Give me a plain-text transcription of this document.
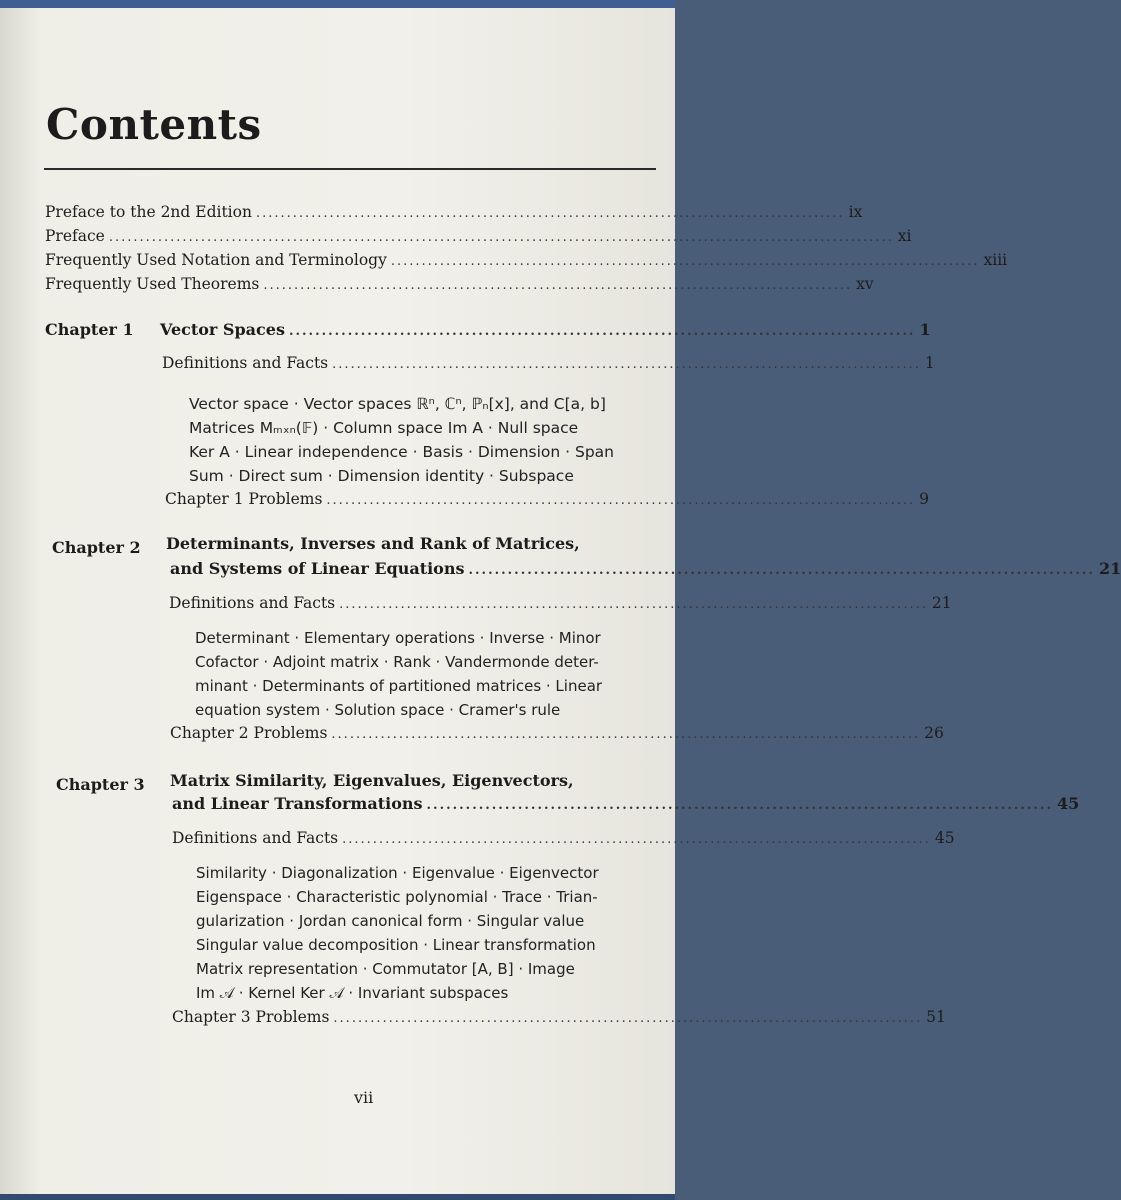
Contents
Preface to the 2nd Edition ................................................................................................ ix
Preface ................................................................................................................................ xi
Frequently Used Notation and Terminology ................................................................................................ xiii
Frequently Used Theorems ................................................................................................ xv
Chapter 1 Vector Spaces ................................................................................................ 1
Definitions and Facts ................................................................................................ 1
Vector space · Vector spaces ℝⁿ, ℂⁿ, ℙₙ[x], and C[a, b]
Matrices Mₘₓₙ(𝔽) · Column space Im A · Null space
Ker A · Linear independence · Basis · Dimension · Span
Sum · Direct sum · Dimension identity · Subspace
Chapter 1 Problems ................................................................................................ 9
Chapter 2 Determinants, Inverses and Rank of Matrices,
and Systems of Linear Equations ................................................................................................ 21
Definitions and Facts ................................................................................................ 21
Determinant · Elementary operations · Inverse · Minor
Cofactor · Adjoint matrix · Rank · Vandermonde deter-
minant · Determinants of partitioned matrices · Linear
equation system · Solution space · Cramer's rule
Chapter 2 Problems ................................................................................................ 26
Chapter 3 Matrix Similarity, Eigenvalues, Eigenvectors,
and Linear Transformations ................................................................................................ 45
Definitions and Facts ................................................................................................ 45
Similarity · Diagonalization · Eigenvalue · Eigenvector
Eigenspace · Characteristic polynomial · Trace · Trian-
gularization · Jordan canonical form · Singular value
Singular value decomposition · Linear transformation
Matrix representation · Commutator [A, B] · Image
Im 𝒜 · Kernel Ker 𝒜 · Invariant subspaces
Chapter 3 Problems ................................................................................................ 51
vii
